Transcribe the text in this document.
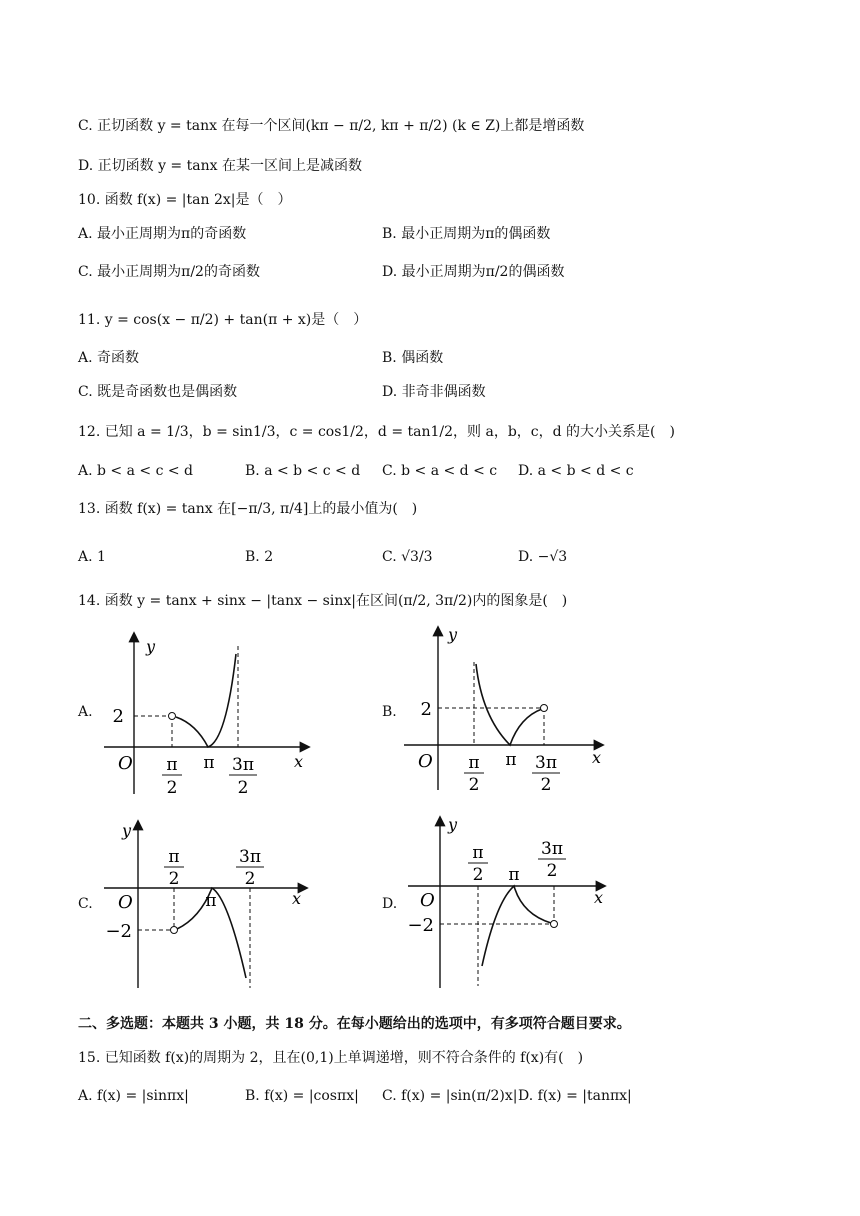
C. 正切函数 y = tanx 在每一个区间(kπ − π/2, kπ + π/2) (k ∈ Z)上都是增函数
D. 正切函数 y = tanx 在某一区间上是减函数
10. 函数 f(x) = |tan 2x|是（　）
A. 最小正周期为π的奇函数	B. 最小正周期为π的偶函数
C. 最小正周期为π/2的奇函数	D. 最小正周期为π/2的偶函数
11. y = cos(x − π/2) + tan(π + x)是（　）
A. 奇函数	B. 偶函数
C. 既是奇函数也是偶函数	D. 非奇非偶函数
12. 已知 a = 1/3，b = sin1/3，c = cos1/2，d = tan1/2，则 a，b，c，d 的大小关系是(　)
A. b < a < c < d	B. a < b < c < d C. b < a < d < c D. a < b < d < c
13. 函数 f(x) = tanx 在[−π/3, π/4]上的最小值为(　)
A. 1	B. 2	C. √3/3	D. −√3
14. 函数 y = tanx + sinx − |tanx − sinx|在区间(π/2, 3π/2)内的图象是(　)
A.	B.
C.	D.
2
O
y
x
π
2
π 3π
2
2
O
y
x
π
2
π 3π
2
−2
O
y
x
π
2
π
3π
2
−2
O
y
x
π
2 π
3π
2
二、多选题：本题共 3 小题，共 18 分。在每小题给出的选项中，有多项符合题目要求。
15. 已知函数 f(x)的周期为 2，且在(0,1)上单调递增，则不符合条件的 f(x)有(　)
A. f(x) = |sinπx|	B. f(x) = |cosπx| C. f(x) = |sin(π/2)x| D. f(x) = |tanπx|
